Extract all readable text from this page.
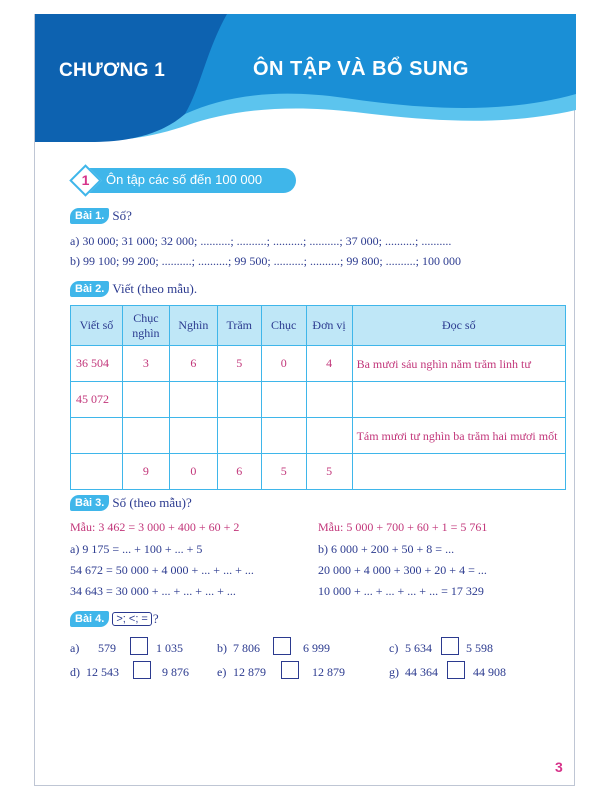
CHƯƠNG 1	ÔN TẬP VÀ BỔ SUNG
1	Ôn tập các số đến 100 000
Bài 1. Số?
a) 30 000; 31 000; 32 000; ..........; ..........; ..........; ..........; 37 000; ..........; ..........
b) 99 100; 99 200; ..........; ..........; 99 500; ..........; ..........; 99 800; ..........; 100 000
Bài 2. Viết (theo mẫu).
Viết số	Chục nghìn	Nghìn	Trăm	Chục	Đơn vị	Đọc số
36 504	3	6	5	0	4	Ba mươi sáu nghìn năm trăm linh tư
45 072						
						Tám mươi tư nghìn ba trăm hai mươi mốt
	9	0	6	5	5	
Bài 3. Số (theo mẫu)?
Mẫu: 3 462 = 3 000 + 400 + 60 + 2	Mẫu: 5 000 + 700 + 60 + 1 = 5 761
a) 9 175 = ... + 100 + ... + 5	b) 6 000 + 200 + 50 + 8 = ...
54 672 = 50 000 + 4 000 + ... + ... + ...	20 000 + 4 000 + 300 + 20 + 4 = ...
34 643 = 30 000 + ... + ... + ... + ...	10 000 + ... + ... + ... + ... = 17 329
Bài 4.	>; <; = ?
a) 579	1 035	b) 7 806	6 999	c) 5 634	5 598
d) 12 543	9 876 e) 12 879	12 879	g) 44 364	44 908
3
